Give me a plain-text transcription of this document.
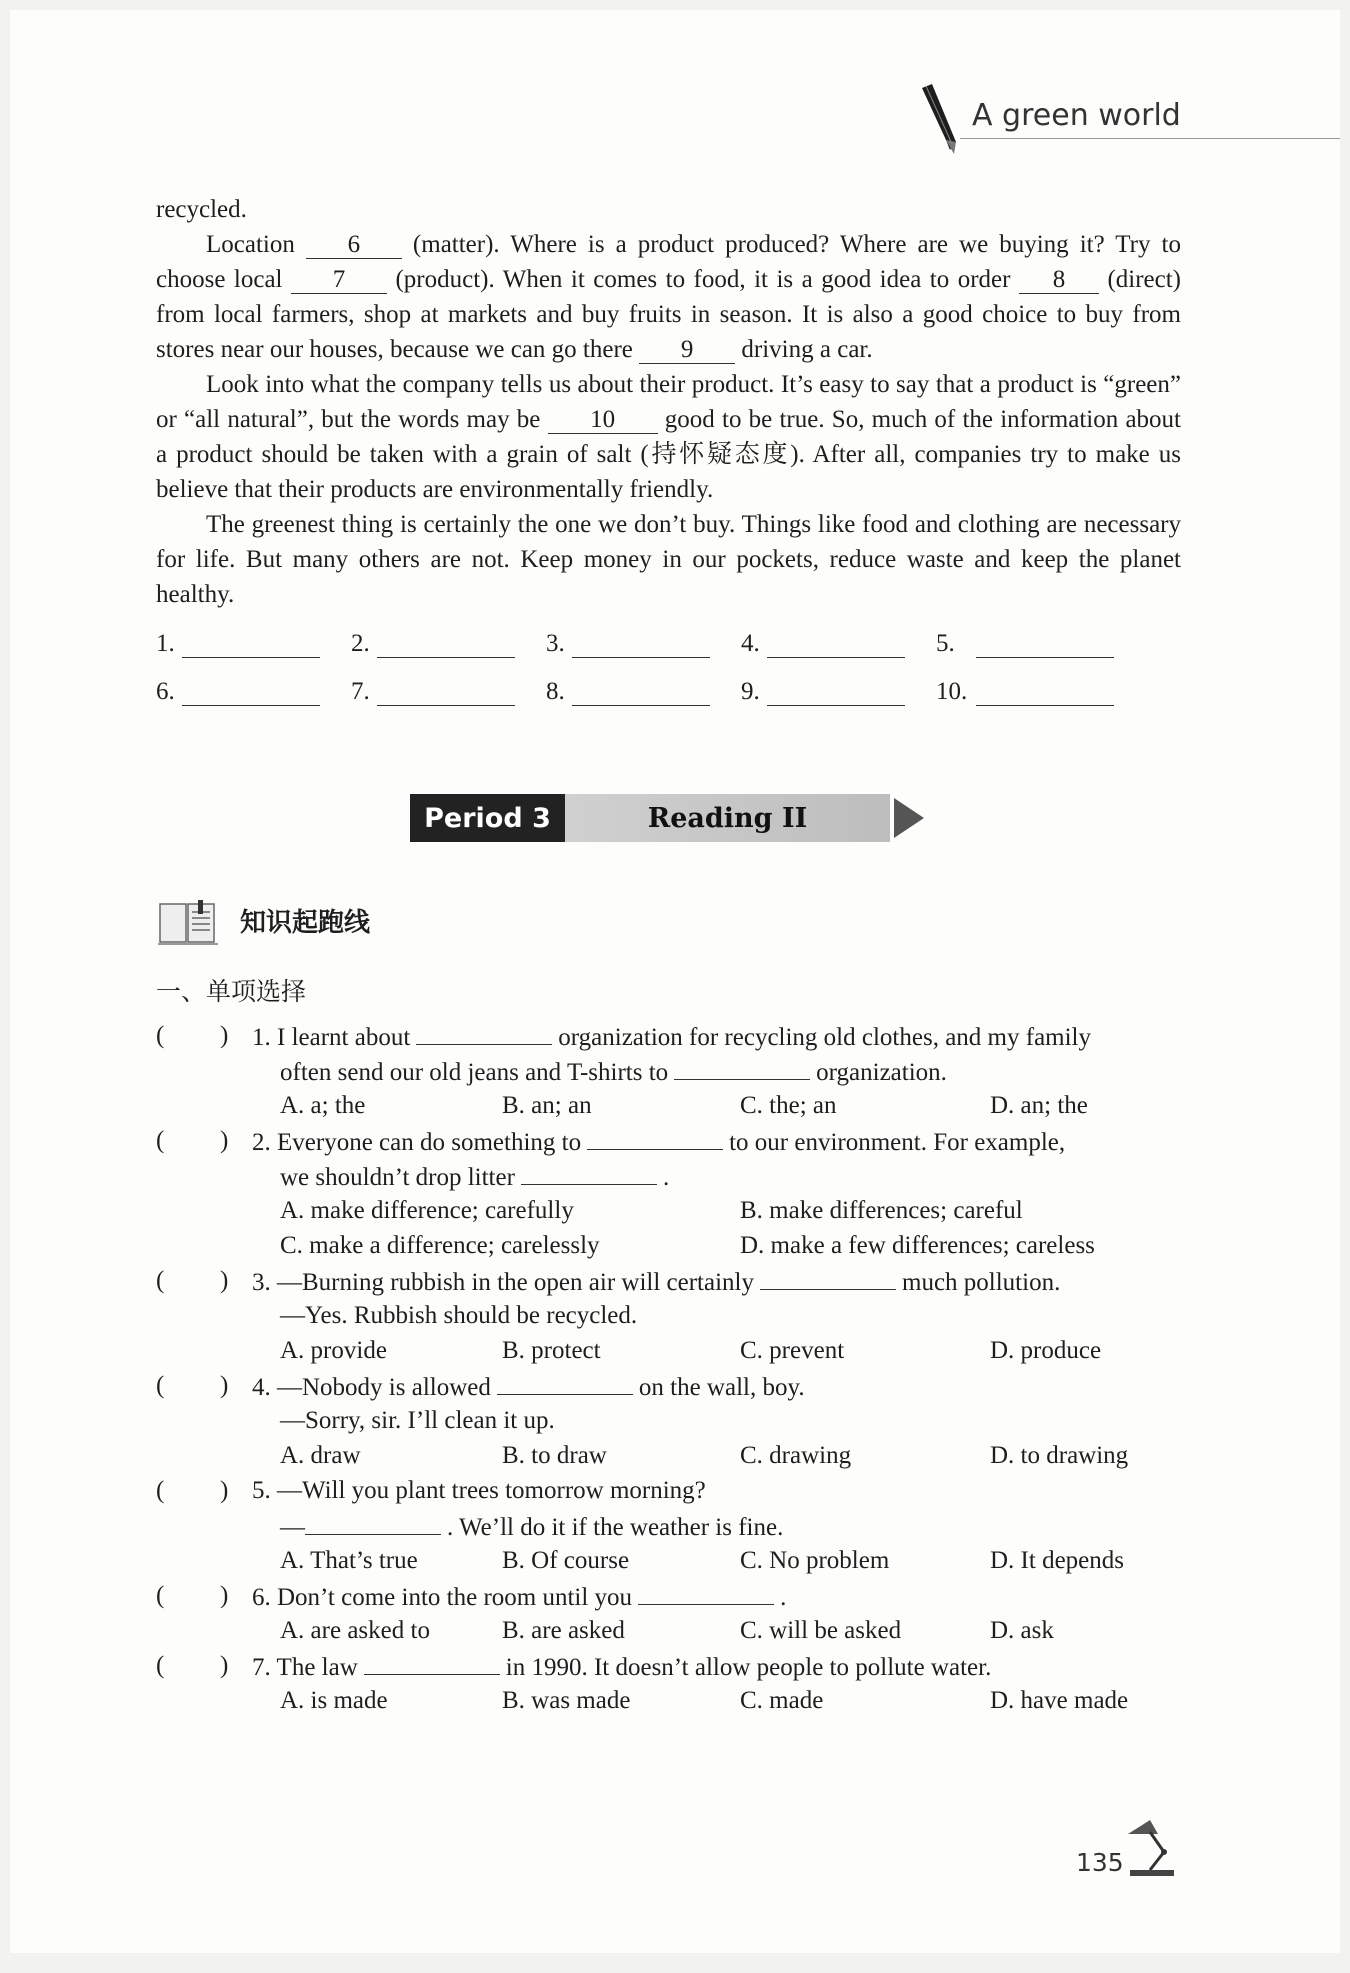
A green world

recycled.

Location 6 (matter). Where is a product produced? Where are we buying it? Try to choose local 7 (product). When it comes to food, it is a good idea to order 8 (direct) from local farmers, shop at markets and buy fruits in season. It is also a good choice to buy from stores near our houses, because we can go there 9 driving a car.

Look into what the company tells us about their product. It’s easy to say that a product is “green” or “all natural”, but the words may be 10 good to be true. So, much of the information about a product should be taken with a grain of salt (持怀疑态度). After all, companies try to make us believe that their products are environmentally friendly.

The greenest thing is certainly the one we don’t buy. Things like food and clothing are necessary for life. But many others are not. Keep money in our pockets, reduce waste and keep the planet healthy.

1.	2.	3.	4.	5.
6.	7.	8.	9.	10.
Period 3	Reading II
知识起跑线
一、单项选择
( ) 1. I learnt about	organization for recycling old clothes, and my family
often send our old jeans and T-shirts to	organization.
A. a; the	B. an; an	C. the; an	D. an; the
( ) 2. Everyone can do something to	to our environment. For example,
we shouldn’t drop litter	.
A. make difference; carefully	B. make differences; careful
C. make a difference; carelessly	D. make a few differences; careless
( ) 3. —Burning rubbish in the open air will certainly	much pollution.
—Yes. Rubbish should be recycled.
A. provide	B. protect	C. prevent	D. produce
( ) 4. —Nobody is allowed	on the wall, boy.
—Sorry, sir. I’ll clean it up.
A. draw	B. to draw	C. drawing	D. to drawing
( ) 5. —Will you plant trees tomorrow morning?
—	. We’ll do it if the weather is fine.
A. That’s true	B. Of course	C. No problem	D. It depends
( ) 6. Don’t come into the room until you	.
A. are asked to	B. are asked	C. will be asked	D. ask
( ) 7. The law	in 1990. It doesn’t allow people to pollute water.
A. is made	B. was made	C. made	D. have made
135
